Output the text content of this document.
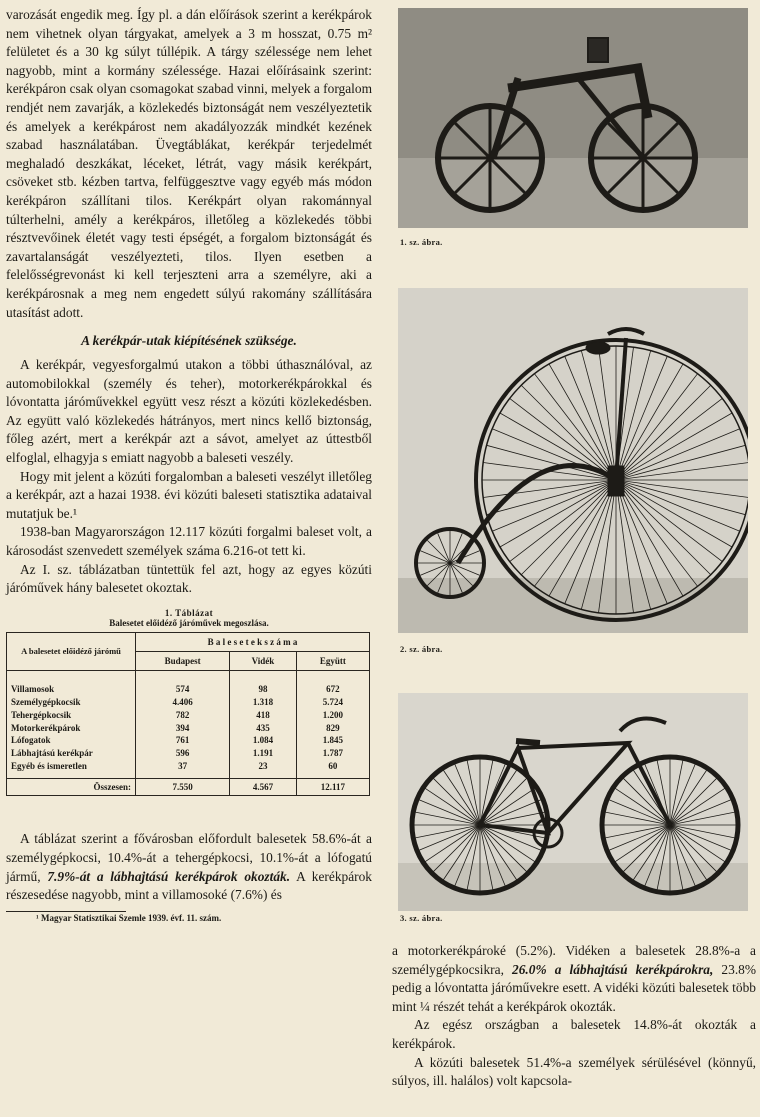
varozását engedik meg. Így pl. a dán előírások szerint a kerékpárok nem vihetnek olyan tárgyakat, amelyek a 3 m hosszat, 0.75 m² felületet és a 30 kg súlyt túllépik. A tárgy szélessége nem lehet nagyobb, mint a kormány szélessége. Hazai előírásaink szerint: kerékpáron csak olyan csomagokat szabad vinni, melyek a forgalom rendjét nem zavarják, a közlekedés biztonságát nem veszélyeztetik és amelyek a kerékpárost nem akadályozzák mindkét kezének szabad használatában. Üvegtáblákat, kerékpár terjedelmét meghaladó deszkákat, léceket, létrát, vagy másik kerékpárt, csöveket stb. kézben tartva, felfüggesztve vagy egyéb más módon kerékpáron szállítani tilos. Kerékpárt olyan rakománnyal túlterhelni, amély a kerékpáros, illetőleg a közlekedés többi résztvevőinek életét vagy testi épségét, a forgalom biztonságát és zavartalanságát veszélyezteti, tilos. Ilyen esetben a felelősségrevonást ki kell terjeszteni arra a személyre, aki a kerékpárosnak a meg nem engedett súlyú rakomány szállítására utasítást adott.

A kerékpár-utak kiépítésének szüksége.

A kerékpár, vegyesforgalmú utakon a többi úthasználóval, az automobilokkal (személy és teher), motorkerékpárokkal és lóvontatta járóművekkel együtt vesz részt a közúti közlekedésben. Az együtt való közlekedés hátrányos, mert nincs kellő biztonság, főleg azért, mert a kerékpár azt a sávot, amelyet az úttestből elfoglal, elhagyja s emiatt nagyobb a baleseti veszély.

Hogy mit jelent a közúti forgalomban a baleseti veszélyt illetőleg a kerékpár, azt a hazai 1938. évi közúti baleseti statisztika adataival mutatjuk be.¹

1938-ban Magyarországon 12.117 közúti forgalmi baleset volt, a károsodást szenvedett személyek száma 6.216-ot tett ki.

Az I. sz. táblázatban tüntettük fel azt, hogy az egyes közúti járóművek hány balesetet okoztak.

1. Táblázat
Balesetet előidéző járóművek megoszlása.
A balesetet előidéző járómű	B a l e s e t e k s z á m a		
	Budapest	Vidék	Együtt
Villamosok	574	98	672
Személygépkocsik	4.406	1.318	5.724
Tehergépkocsik	782	418	1.200
Motorkerékpárok	394	435	829
Lófogatok	761	1.084	1.845
Lábhajtású kerékpár	596	1.191	1.787
Egyéb és ismeretlen	37	23	60
Összesen:	7.550	4.567	12.117

A táblázat szerint a fővárosban előfordult balesetek 58.6%-át a személygépkocsi, 10.4%-át a tehergépkocsi, 10.1%-át a lófogatú jármű, 7.9%-át a lábhajtású kerékpárok okozták. A kerékpárok részesedése nagyobb, mint a villamosoké (7.6%) és

¹ Magyar Statisztikai Szemle 1939. évf. 11. szám.

1. sz. ábra.
2. sz. ábra.
3. sz. ábra.

a motorkerékpároké (5.2%). Vidéken a balesetek 28.8%-a a személygépkocsikra, 26.0% a lábhajtású kerékpárokra, 23.8% pedig a lóvontatta járóművekre esett. A vidéki közúti balesetek több mint ¼ részét tehát a kerékpárok okozták.

Az egész országban a balesetek 14.8%-át okozták a kerékpárok.

A közúti balesetek 51.4%-a személyek sérülésével (könnyű, súlyos, ill. halálos) volt kapcsola-
